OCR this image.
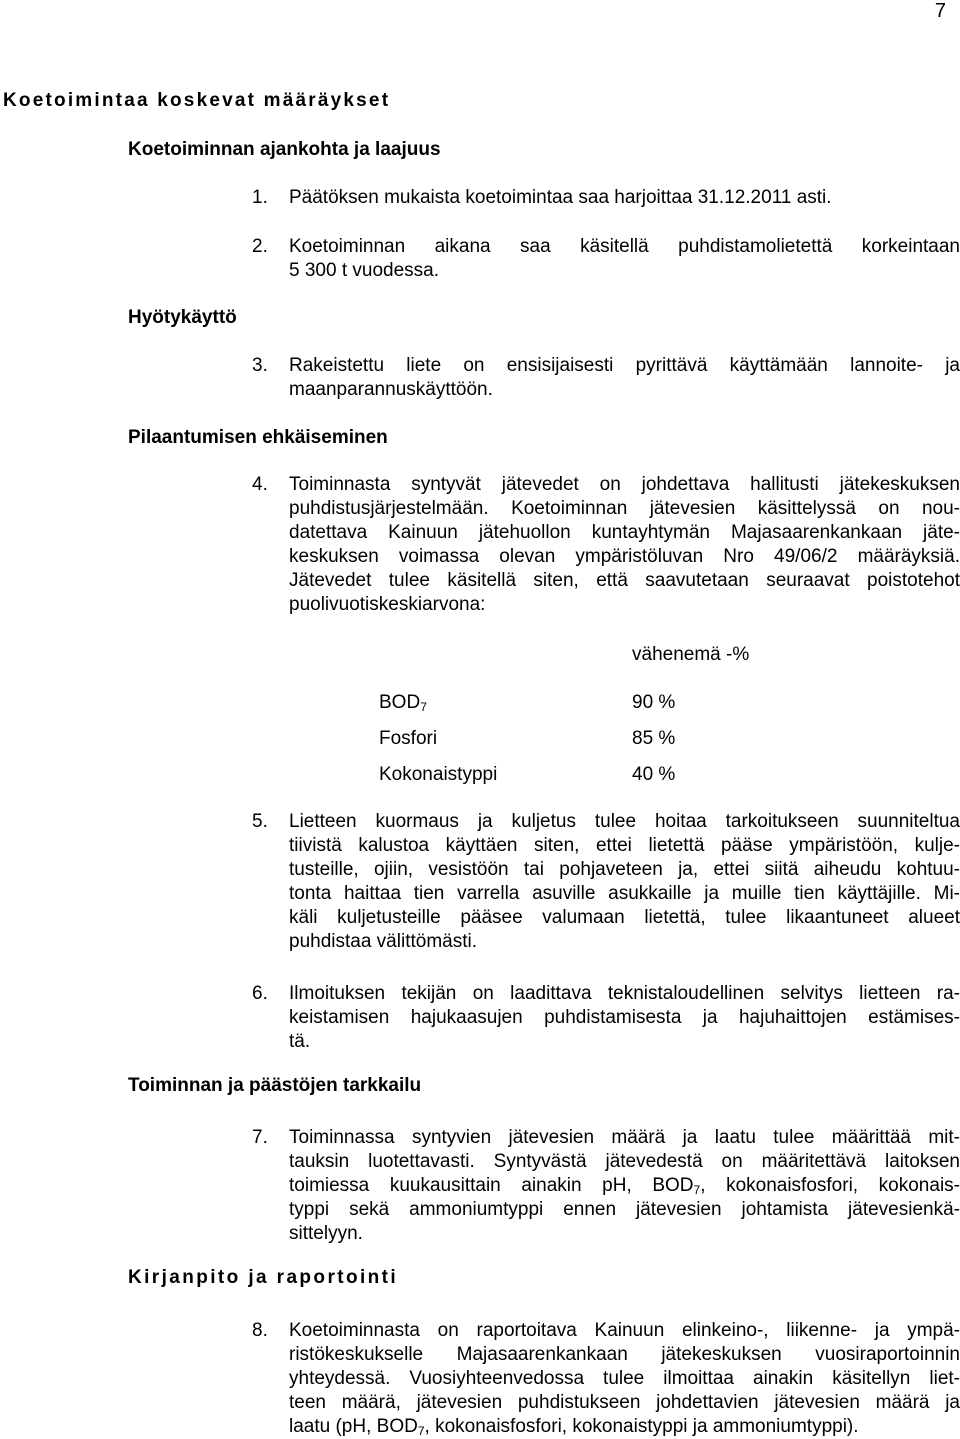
7
Koetoimintaa koskevat määräykset
Koetoiminnan ajankohta ja laajuus
Hyötykäyttö
Pilaantumisen ehkäiseminen
Toiminnan ja päästöjen tarkkailu
Kirjanpito ja raportointi
1. Päätöksen mukaista koetoimintaa saa harjoittaa 31.12.2011 asti.
2. Koetoiminnan aikana saa käsitellä puhdistamolietettä korkeintaan
5 300 t vuodessa.
3. Rakeistettu liete on ensisijaisesti pyrittävä käyttämään lannoite- ja
maanparannuskäyttöön.
4. Toiminnasta syntyvät jätevedet on johdettava hallitusti jätekeskuksen
puhdistusjärjestelmään. Koetoiminnan jätevesien käsittelyssä on nou-
datettava Kainuun jätehuollon kuntayhtymän Majasaarenkankaan jäte-
keskuksen voimassa olevan ympäristöluvan Nro 49/06/2 määräyksiä.
Jätevedet tulee käsitellä siten, että saavutetaan seuraavat poistotehot
puolivuotiskeskiarvona:
vähenemä -%
$BOD_7$	90 %
Fosfori	85 %
Kokonaistyppi	40 %
5. Lietteen kuormaus ja kuljetus tulee hoitaa tarkoitukseen suunniteltua
tiivistä kalustoa käyttäen siten, ettei lietettä pääse ympäristöön, kulje-
tusteille, ojiin, vesistöön tai pohjaveteen ja, ettei siitä aiheudu kohtuu-
tonta haittaa tien varrella asuville asukkaille ja muille tien käyttäjille. Mi-
käli kuljetusteille pääsee valumaan lietettä, tulee likaantuneet alueet
puhdistaa välittömästi.
6. Ilmoituksen tekijän on laadittava teknistaloudellinen selvitys lietteen ra-
keistamisen hajukaasujen puhdistamisesta ja hajuhaittojen estämises-
tä.
7. Toiminnassa syntyvien jätevesien määrä ja laatu tulee määrittää mit-
tauksin luotettavasti. Syntyvästä jätevedestä on määritettävä laitoksen
toimiessa kuukausittain ainakin pH, $BOD_7$, kokonaisfosfori, kokonais-
typpi sekä ammoniumtyppi ennen jätevesien johtamista jätevesienkä-
sittelyyn.
8. Koetoiminnasta on raportoitava Kainuun elinkeino-, liikenne- ja ympä-
ristökeskukselle Majasaarenkankaan jätekeskuksen vuosiraportoinnin
yhteydessä. Vuosiyhteenvedossa tulee ilmoittaa ainakin käsitellyn liet-
teen määrä, jätevesien puhdistukseen johdettavien jätevesien määrä ja
laatu (pH, $BOD_7$, kokonaisfosfori, kokonaistyppi ja ammoniumtyppi).
